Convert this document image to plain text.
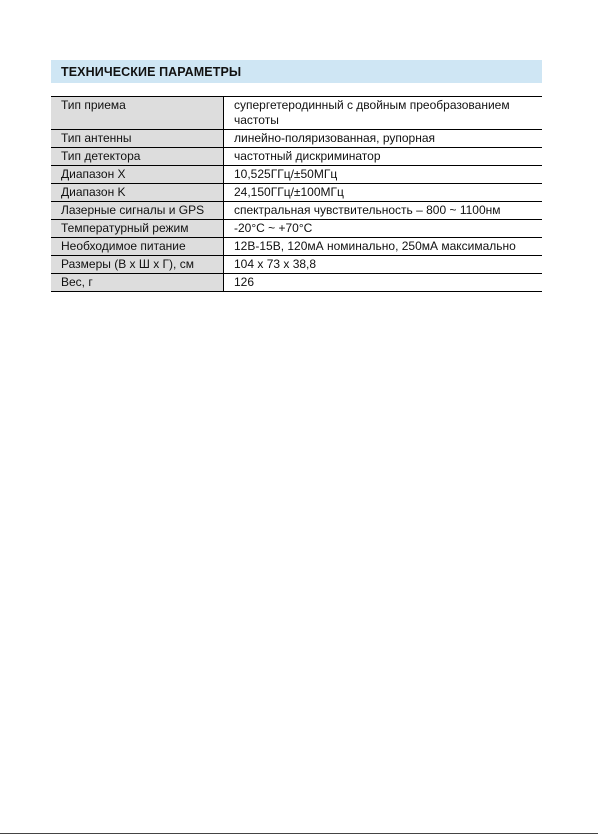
ТЕХНИЧЕСКИЕ ПАРАМЕТРЫ
Тип приема	супергетеродинный с двойным преобразованием частоты
Тип антенны	линейно-поляризованная, рупорная
Тип детектора	частотный дискриминатор
Диапазон X	10,525ГГц/±50МГц
Диапазон K	24,150ГГц/±100МГц
Лазерные сигналы и GPS	спектральная чувствительность – 800 ~ 1100нм
Температурный режим	-20°C ~ +70°C
Необходимое питание	12В-15В, 120мА номинально, 250мА максимально
Размеры (В х Ш х Г), см	104 х 73 х 38,8
Вес, г	126
